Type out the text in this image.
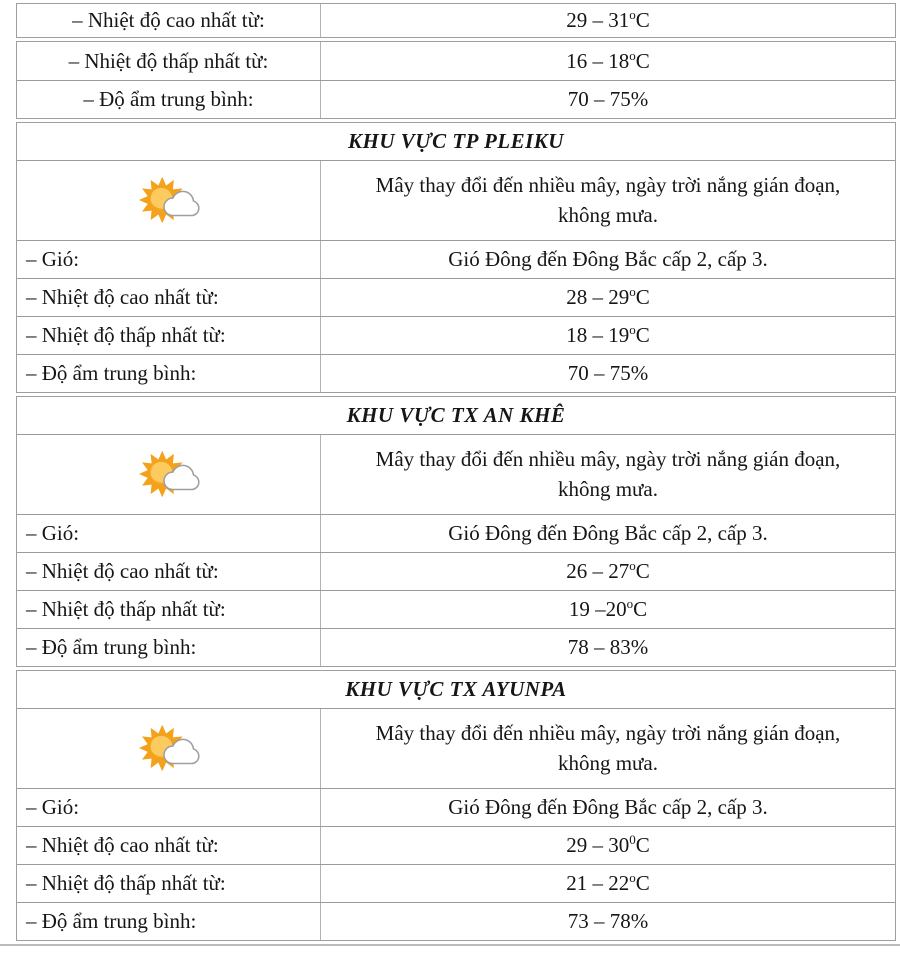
– Nhiệt độ cao nhất từ:	29 – 31$^o$C
– Nhiệt độ thấp nhất từ:	16 – 18$^o$C
– Độ ẩm trung bình:	70 – 75%
KHU VỰC TP PLEIKU
Mây thay đổi đến nhiều mây, ngày trời nắng gián đoạn, không mưa.
– Gió:	Gió Đông đến Đông Bắc cấp 2, cấp 3.
– Nhiệt độ cao nhất từ:	28 – 29$^o$C
– Nhiệt độ thấp nhất từ:	18 – 19$^o$C
– Độ ẩm trung bình:	70 – 75%
KHU VỰC TX AN KHÊ
Mây thay đổi đến nhiều mây, ngày trời nắng gián đoạn, không mưa.
– Gió:	Gió Đông đến Đông Bắc cấp 2, cấp 3.
– Nhiệt độ cao nhất từ:	26 – 27$^o$C
– Nhiệt độ thấp nhất từ:	19 –20$^o$C
– Độ ẩm trung bình:	78 – 83%
KHU VỰC TX AYUNPA
Mây thay đổi đến nhiều mây, ngày trời nắng gián đoạn, không mưa.
– Gió:	Gió Đông đến Đông Bắc cấp 2, cấp 3.
– Nhiệt độ cao nhất từ:	$29 - 30^0C$
– Nhiệt độ thấp nhất từ:	21 – 22$^o$C
– Độ ẩm trung bình:	73 – 78%
